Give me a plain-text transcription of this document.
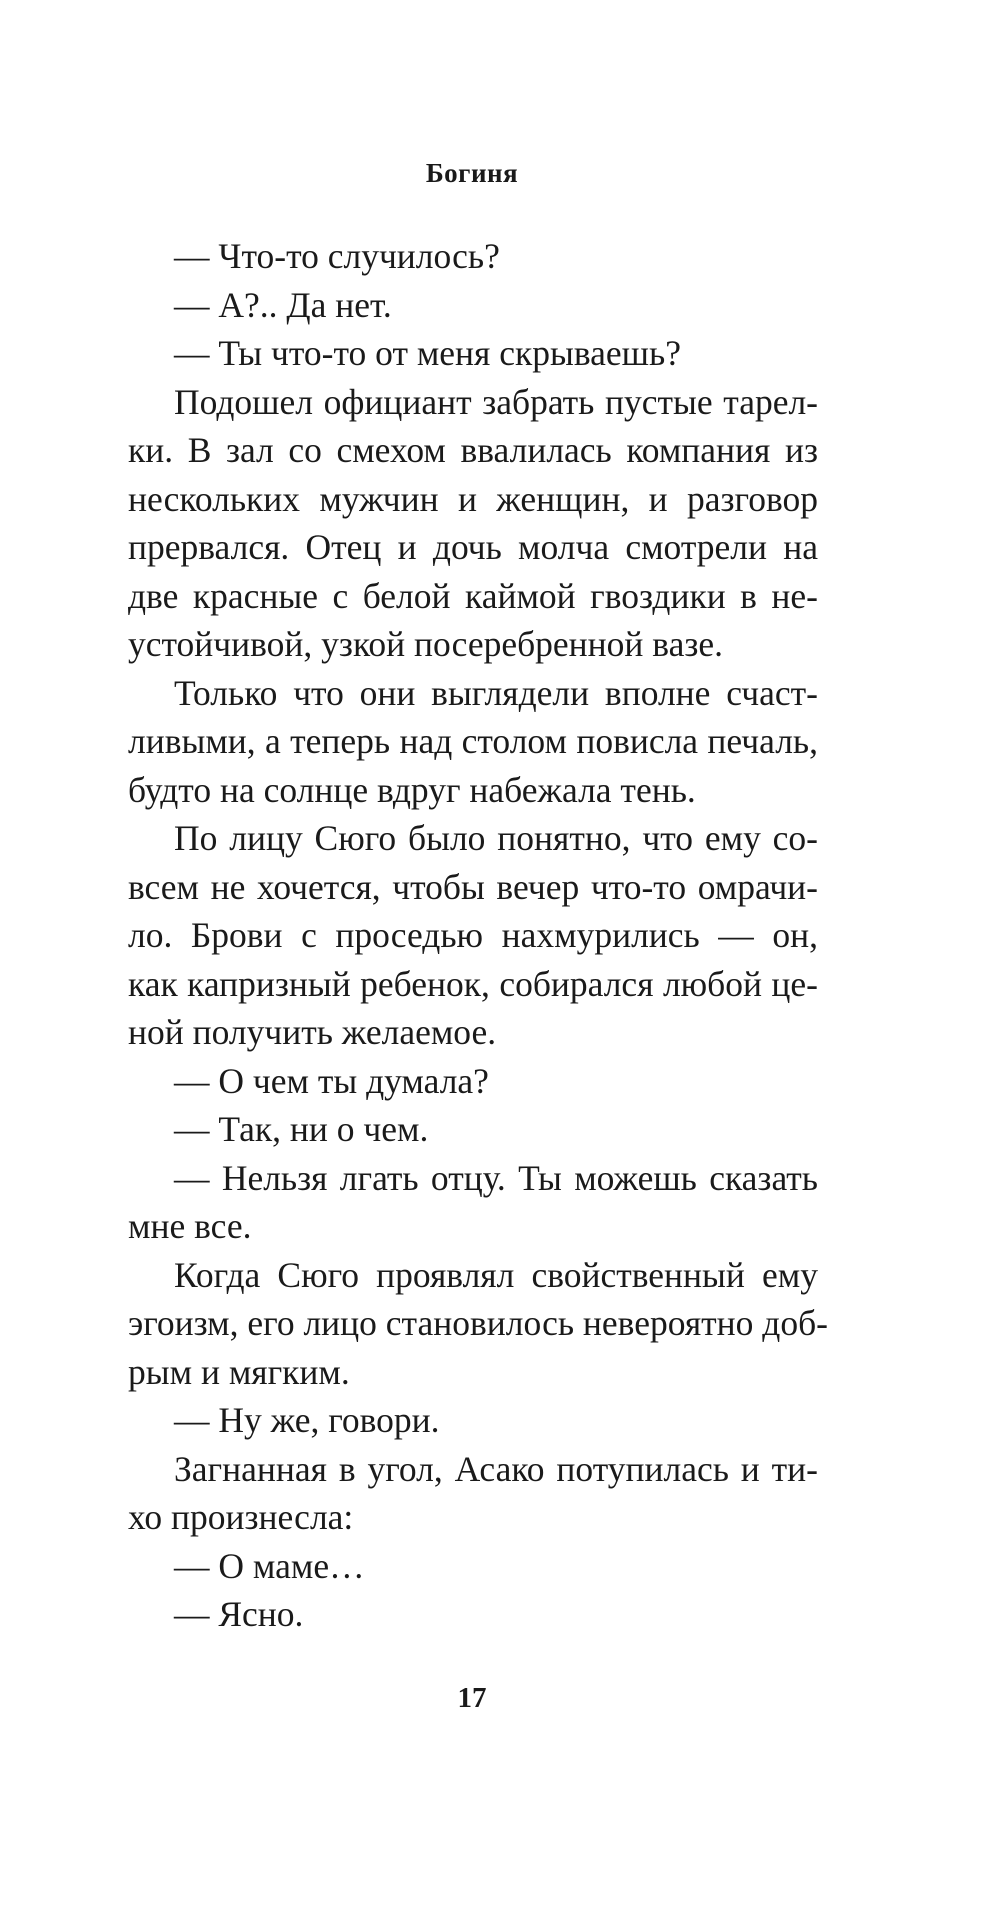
Богиня
— Что-то случилось?
— А?.. Да нет.
— Ты что-то от меня скрываешь?
Подошел официант забрать пустые тарел-
ки. В зал со смехом ввалилась компания из
нескольких мужчин и женщин, и разговор
прервался. Отец и дочь молча смотрели на
две красные с белой каймой гвоздики в не-
устойчивой, узкой посеребренной вазе.
Только что они выглядели вполне счаст-
ливыми, а теперь над столом повисла печаль,
будто на солнце вдруг набежала тень.
По лицу Сюго было понятно, что ему со-
всем не хочется, чтобы вечер что-то омрачи-
ло. Брови с проседью нахмурились — он,
как капризный ребенок, собирался любой це-
ной получить желаемое.
— О чем ты думала?
— Так, ни о чем.
— Нельзя лгать отцу. Ты можешь сказать
мне все.
Когда Сюго проявлял свойственный ему
эгоизм, его лицо становилось невероятно доб-
рым и мягким.
— Ну же, говори.
Загнанная в угол, Асако потупилась и ти-
хо произнесла:
— О маме…
— Ясно.
17
